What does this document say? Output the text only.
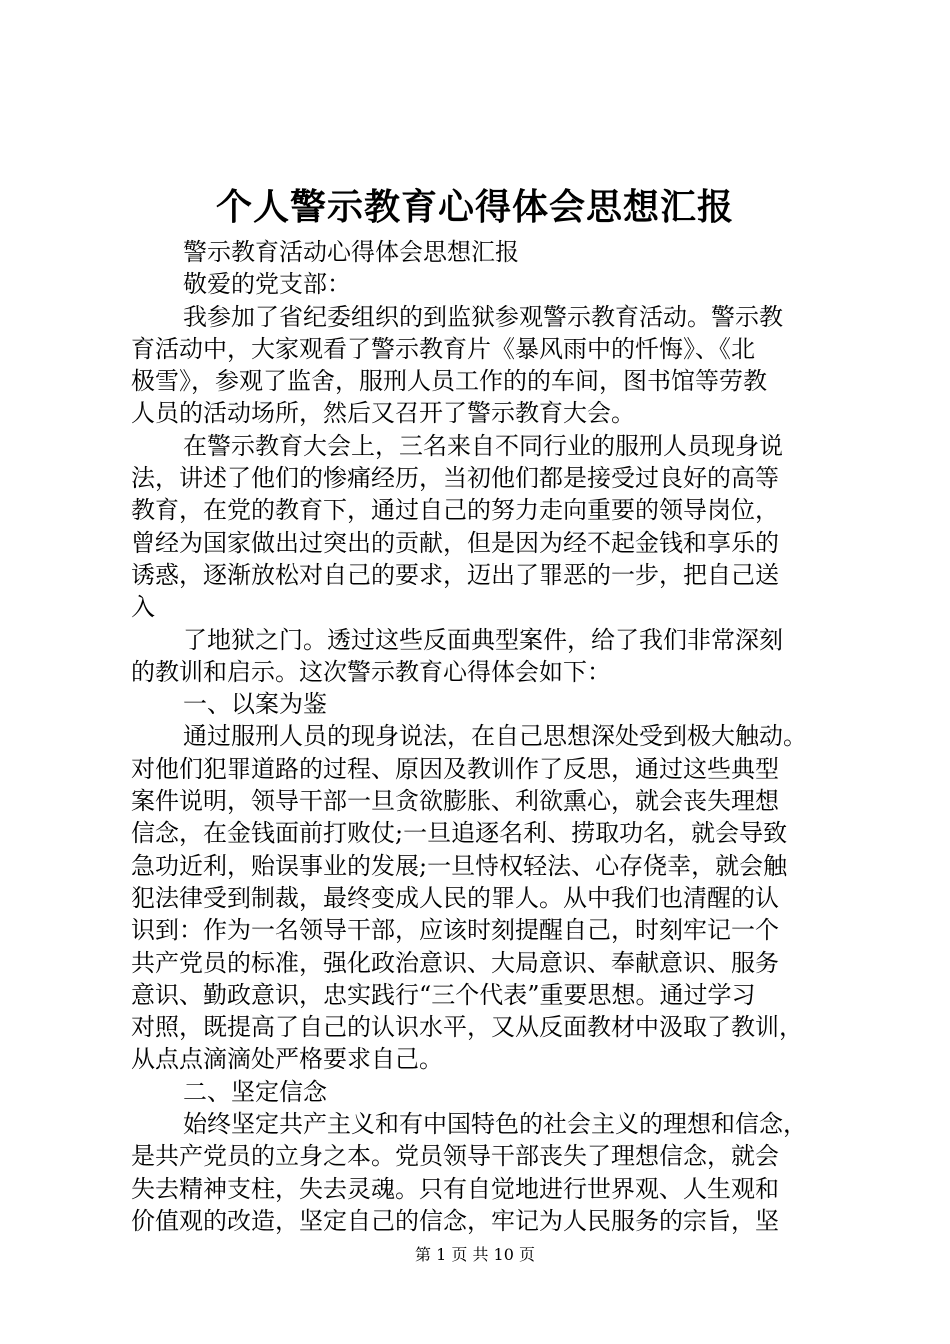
个人警示教育心得体会思想汇报
警示教育活动心得体会思想汇报
敬爱的党支部：
我参加了省纪委组织的到监狱参观警示教育活动。警示教
育活动中，大家观看了警示教育片《暴风雨中的忏悔》、《北
极雪》，参观了监舍，服刑人员工作的的车间，图书馆等劳教
人员的活动场所，然后又召开了警示教育大会。
在警示教育大会上，三名来自不同行业的服刑人员现身说
法，讲述了他们的惨痛经历，当初他们都是接受过良好的高等
教育，在党的教育下，通过自己的努力走向重要的领导岗位，
曾经为国家做出过突出的贡献，但是因为经不起金钱和享乐的
诱惑，逐渐放松对自己的要求，迈出了罪恶的一步，把自己送
入
了地狱之门。透过这些反面典型案件，给了我们非常深刻
的教训和启示。这次警示教育心得体会如下：
一、以案为鉴
通过服刑人员的现身说法，在自己思想深处受到极大触动。
对他们犯罪道路的过程、原因及教训作了反思，通过这些典型
案件说明，领导干部一旦贪欲膨胀、利欲熏心，就会丧失理想
信念，在金钱面前打败仗;一旦追逐名利、捞取功名，就会导致
急功近利，贻误事业的发展;一旦恃权轻法、心存侥幸，就会触
犯法律受到制裁，最终变成人民的罪人。从中我们也清醒的认
识到：作为一名领导干部，应该时刻提醒自己，时刻牢记一个
共产党员的标准，强化政治意识、大局意识、奉献意识、服务
意识、勤政意识，忠实践行“三个代表”重要思想。通过学习
对照，既提高了自己的认识水平，又从反面教材中汲取了教训，
从点点滴滴处严格要求自己。
二、坚定信念
始终坚定共产主义和有中国特色的社会主义的理想和信念，
是共产党员的立身之本。党员领导干部丧失了理想信念，就会
失去精神支柱，失去灵魂。只有自觉地进行世界观、人生观和
价值观的改造，坚定自己的信念，牢记为人民服务的宗旨，坚
第 1 页 共 10 页
